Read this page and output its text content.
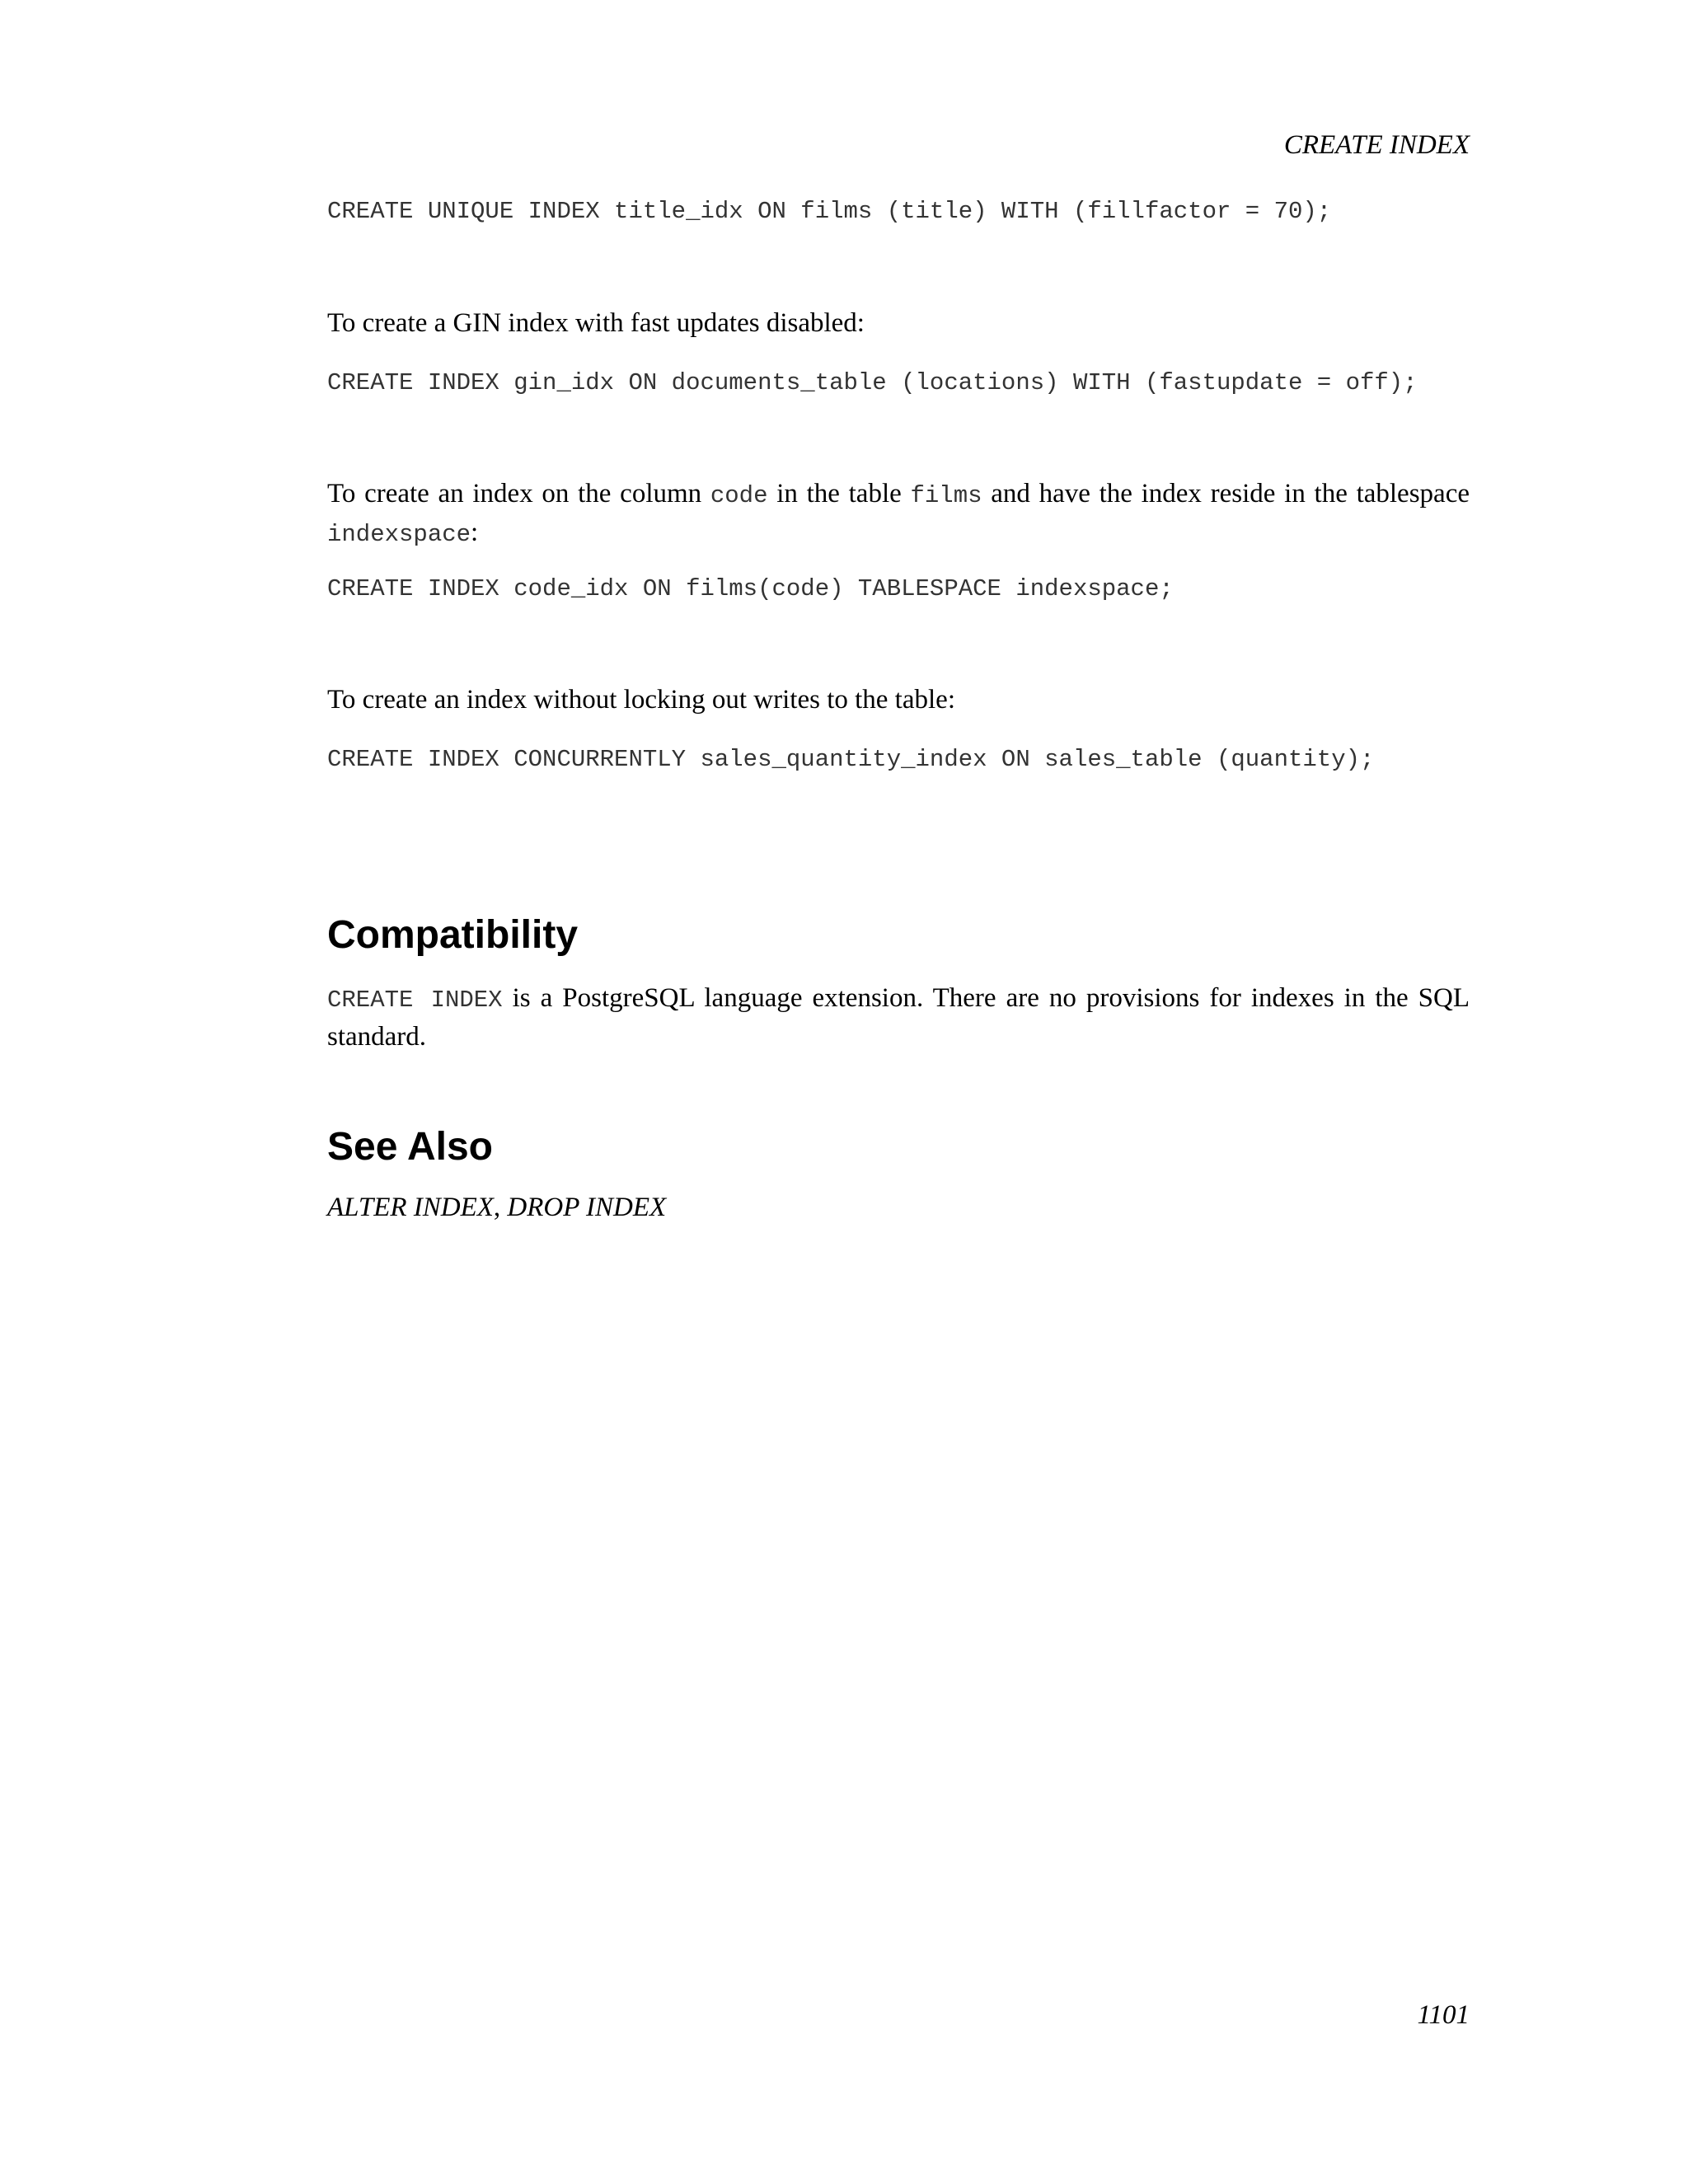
CREATE INDEX
CREATE UNIQUE INDEX title_idx ON films (title) WITH (fillfactor = 70);

To create a GIN index with fast updates disabled:

CREATE INDEX gin_idx ON documents_table (locations) WITH (fastupdate = off);

To create an index on the column code in the table films and have the index reside in the tablespace indexspace:

CREATE INDEX code_idx ON films(code) TABLESPACE indexspace;

To create an index without locking out writes to the table:

CREATE INDEX CONCURRENTLY sales_quantity_index ON sales_table (quantity);
Compatibility

CREATE INDEX is a PostgreSQL language extension. There are no provisions for indexes in the SQL standard.

See Also

ALTER INDEX, DROP INDEX

1101
